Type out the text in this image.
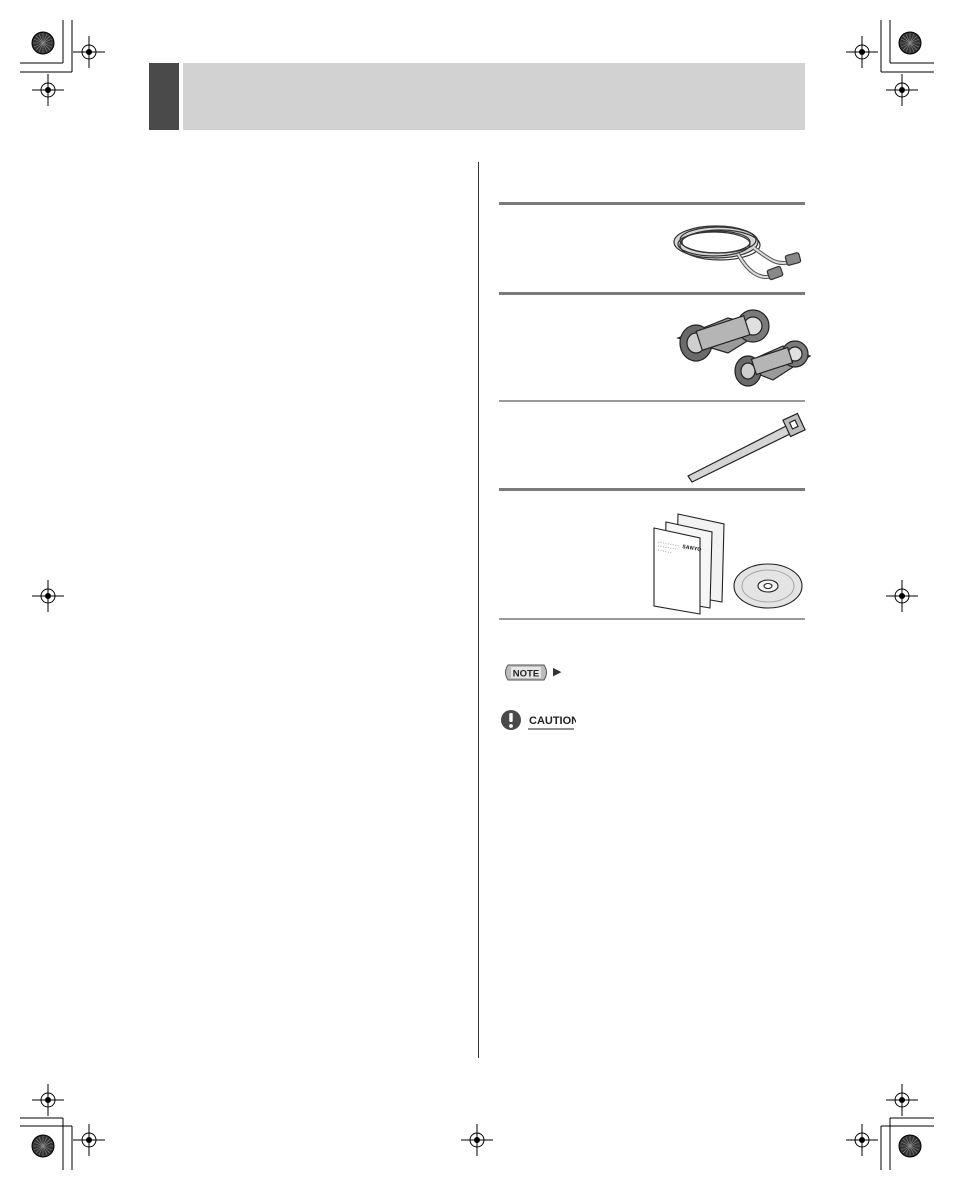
SANYO
NOTE ▶
CAUTION
